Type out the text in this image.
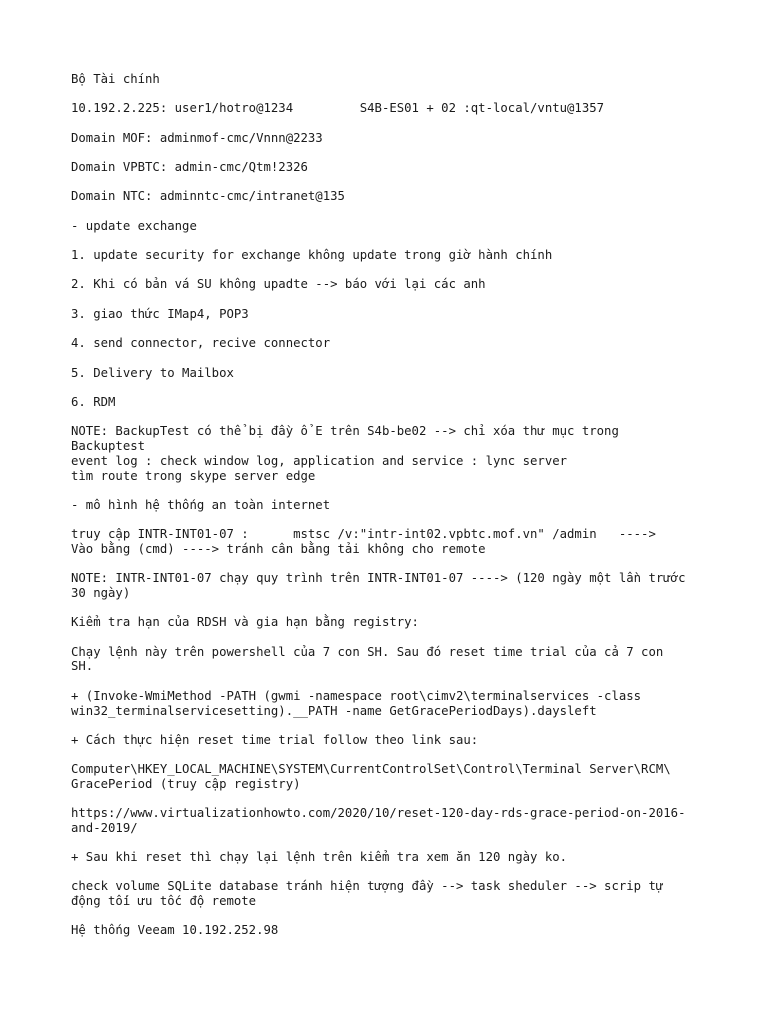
Bộ Tài chính
10.192.2.225: user1/hotro@1234         S4B-ES01 + 02 :qt-local/vntu@1357
Domain MOF: adminmof-cmc/Vnnn@2233
Domain VPBTC: admin-cmc/Qtm!2326
Domain NTC: adminntc-cmc/intranet@135
- update exchange
1. update security for exchange không update trong giờ hành chính
2. Khi có bản vá SU không upadte --> báo với lại các anh
3. giao thức IMap4, POP3
4. send connector, recive connector
5. Delivery to Mailbox
6. RDM
NOTE: BackupTest có thể bị đầy ổ E trên S4b-be02 --> chỉ xóa thư mục trong
Backuptest
event log : check window log, application and service : lync server
tìm route trong skype server edge
- mô hình hệ thống an toàn internet
truy cập INTR-INT01-07 :      mstsc /v:"intr-int02.vpbtc.mof.vn" /admin   ---->
Vào bằng (cmd) ----> tránh cân bằng tải không cho remote
NOTE: INTR-INT01-07 chạy quy trình trên INTR-INT01-07 ----> (120 ngày một lần trước
30 ngày)
Kiểm tra hạn của RDSH và gia hạn bằng registry:
Chạy lệnh này trên powershell của 7 con SH. Sau đó reset time trial của cả 7 con
SH.
+ (Invoke-WmiMethod -PATH (gwmi -namespace root\cimv2\terminalservices -class
win32_terminalservicesetting).__PATH -name GetGracePeriodDays).daysleft
+ Cách thực hiện reset time trial follow theo link sau:
Computer\HKEY_LOCAL_MACHINE\SYSTEM\CurrentControlSet\Control\Terminal Server\RCM\
GracePeriod (truy cập registry)
https://www.virtualizationhowto.com/2020/10/reset-120-day-rds-grace-period-on-2016-
and-2019/
+ Sau khi reset thì chạy lại lệnh trên kiểm tra xem ăn 120 ngày ko.
check volume SQLite database tránh hiện tượng đầy --> task sheduler --> scrip tự
động tối ưu tốc độ remote
Hệ thống Veeam 10.192.252.98
